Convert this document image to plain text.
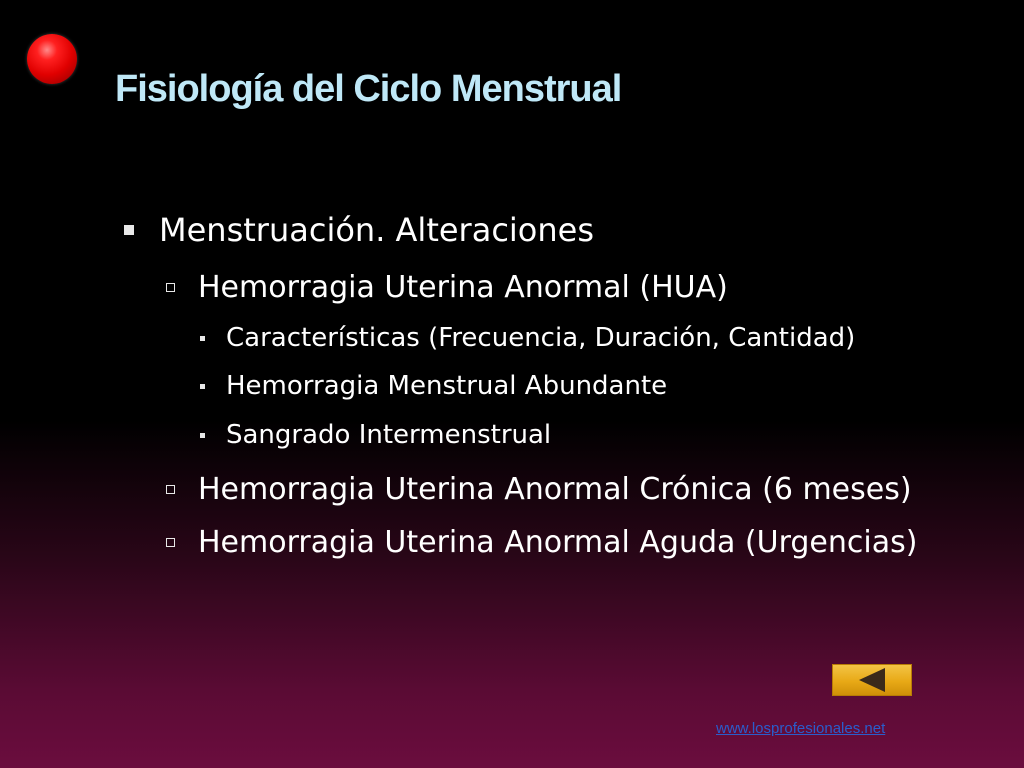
Fisiología del Ciclo Menstrual
Menstruación. Alteraciones
Hemorragia Uterina Anormal (HUA)
Características (Frecuencia, Duración, Cantidad)
Hemorragia Menstrual Abundante
Sangrado Intermenstrual
Hemorragia Uterina Anormal Crónica (6 meses)
Hemorragia Uterina Anormal Aguda (Urgencias)
www.losprofesionales.net
